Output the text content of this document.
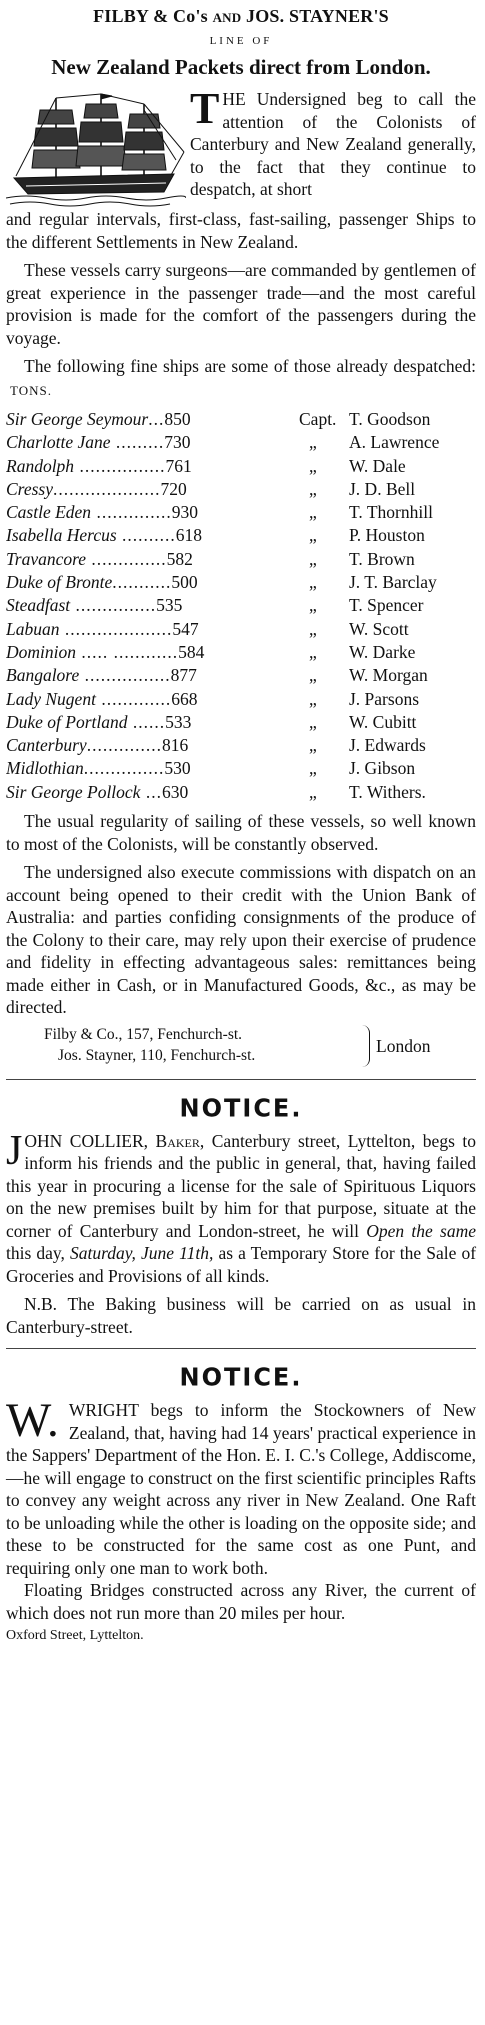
FILBY & Co's AND JOS. STAYNER'S
LINE OF
New Zealand Packets direct from London.
THE Undersigned beg to call the attention of the Colonists of Canterbury and New Zealand generally, to the fact that they continue to despatch, at short
and regular intervals, first-class, fast-sailing, passenger Ships to the different Settlements in New Zealand.
These vessels carry surgeons—are commanded by gentlemen of great experience in the passenger trade—and the most careful provision is made for the comfort of the passengers during the voyage.
The following fine ships are some of those already despatched: TONS.
Sir George Seymour...850	Capt. T. Goodson
Charlotte Jane .........730	„ A. Lawrence
Randolph ................761	„ W. Dale
Cressy....................720	„ J. D. Bell
Castle Eden ..............930	„ T. Thornhill
Isabella Hercus ..........618	„ P. Houston
Travancore ..............582	„ T. Brown
Duke of Bronte...........500	„ J. T. Barclay
Steadfast ...............535	„ T. Spencer
Labuan ....................547	„ W. Scott
Dominion ..... ............584	„ W. Darke
Bangalore ................877	„ W. Morgan
Lady Nugent .............668	„ J. Parsons
Duke of Portland ......533	„ W. Cubitt
Canterbury..............816	„ J. Edwards
Midlothian...............530	„ J. Gibson
Sir George Pollock ...630	„ T. Withers.
The usual regularity of sailing of these vessels, so well known to most of the Colonists, will be constantly observed.
The undersigned also execute commissions with dispatch on an account being opened to their credit with the Union Bank of Australia: and parties confiding consignments of the produce of the Colony to their care, may rely upon their exercise of prudence and fidelity in effecting advantageous sales: remittances being made either in Cash, or in Manufactured Goods, &c., as may be directed.
Filby & Co., 157, Fenchurch-st.
Jos. Stayner, 110, Fenchurch-st.	London
NOTICE.
JOHN COLLIER, Baker, Canterbury street, Lyttelton, begs to inform his friends and the public in general, that, having failed this year in procuring a license for the sale of Spirituous Liquors on the new premises built by him for that purpose, situate at the corner of Canterbury and London-street, he will Open the same this day, Saturday, June 11th, as a Temporary Store for the Sale of Groceries and Provisions of all kinds.
N.B. The Baking business will be carried on as usual in Canterbury-street.
NOTICE.
W. WRIGHT begs to inform the Stockowners of New Zealand, that, having had 14 years' practical experience in the Sappers' Department of the Hon. E. I. C.'s College, Addiscome,—he will engage to construct on the first scientific principles Rafts to convey any weight across any river in New Zealand. One Raft to be unloading while the other is loading on the opposite side; and these to be constructed for the same cost as one Punt, and requiring only one man to work both.
Floating Bridges constructed across any River, the current of which does not run more than 20 miles per hour.
Oxford Street, Lyttelton.
